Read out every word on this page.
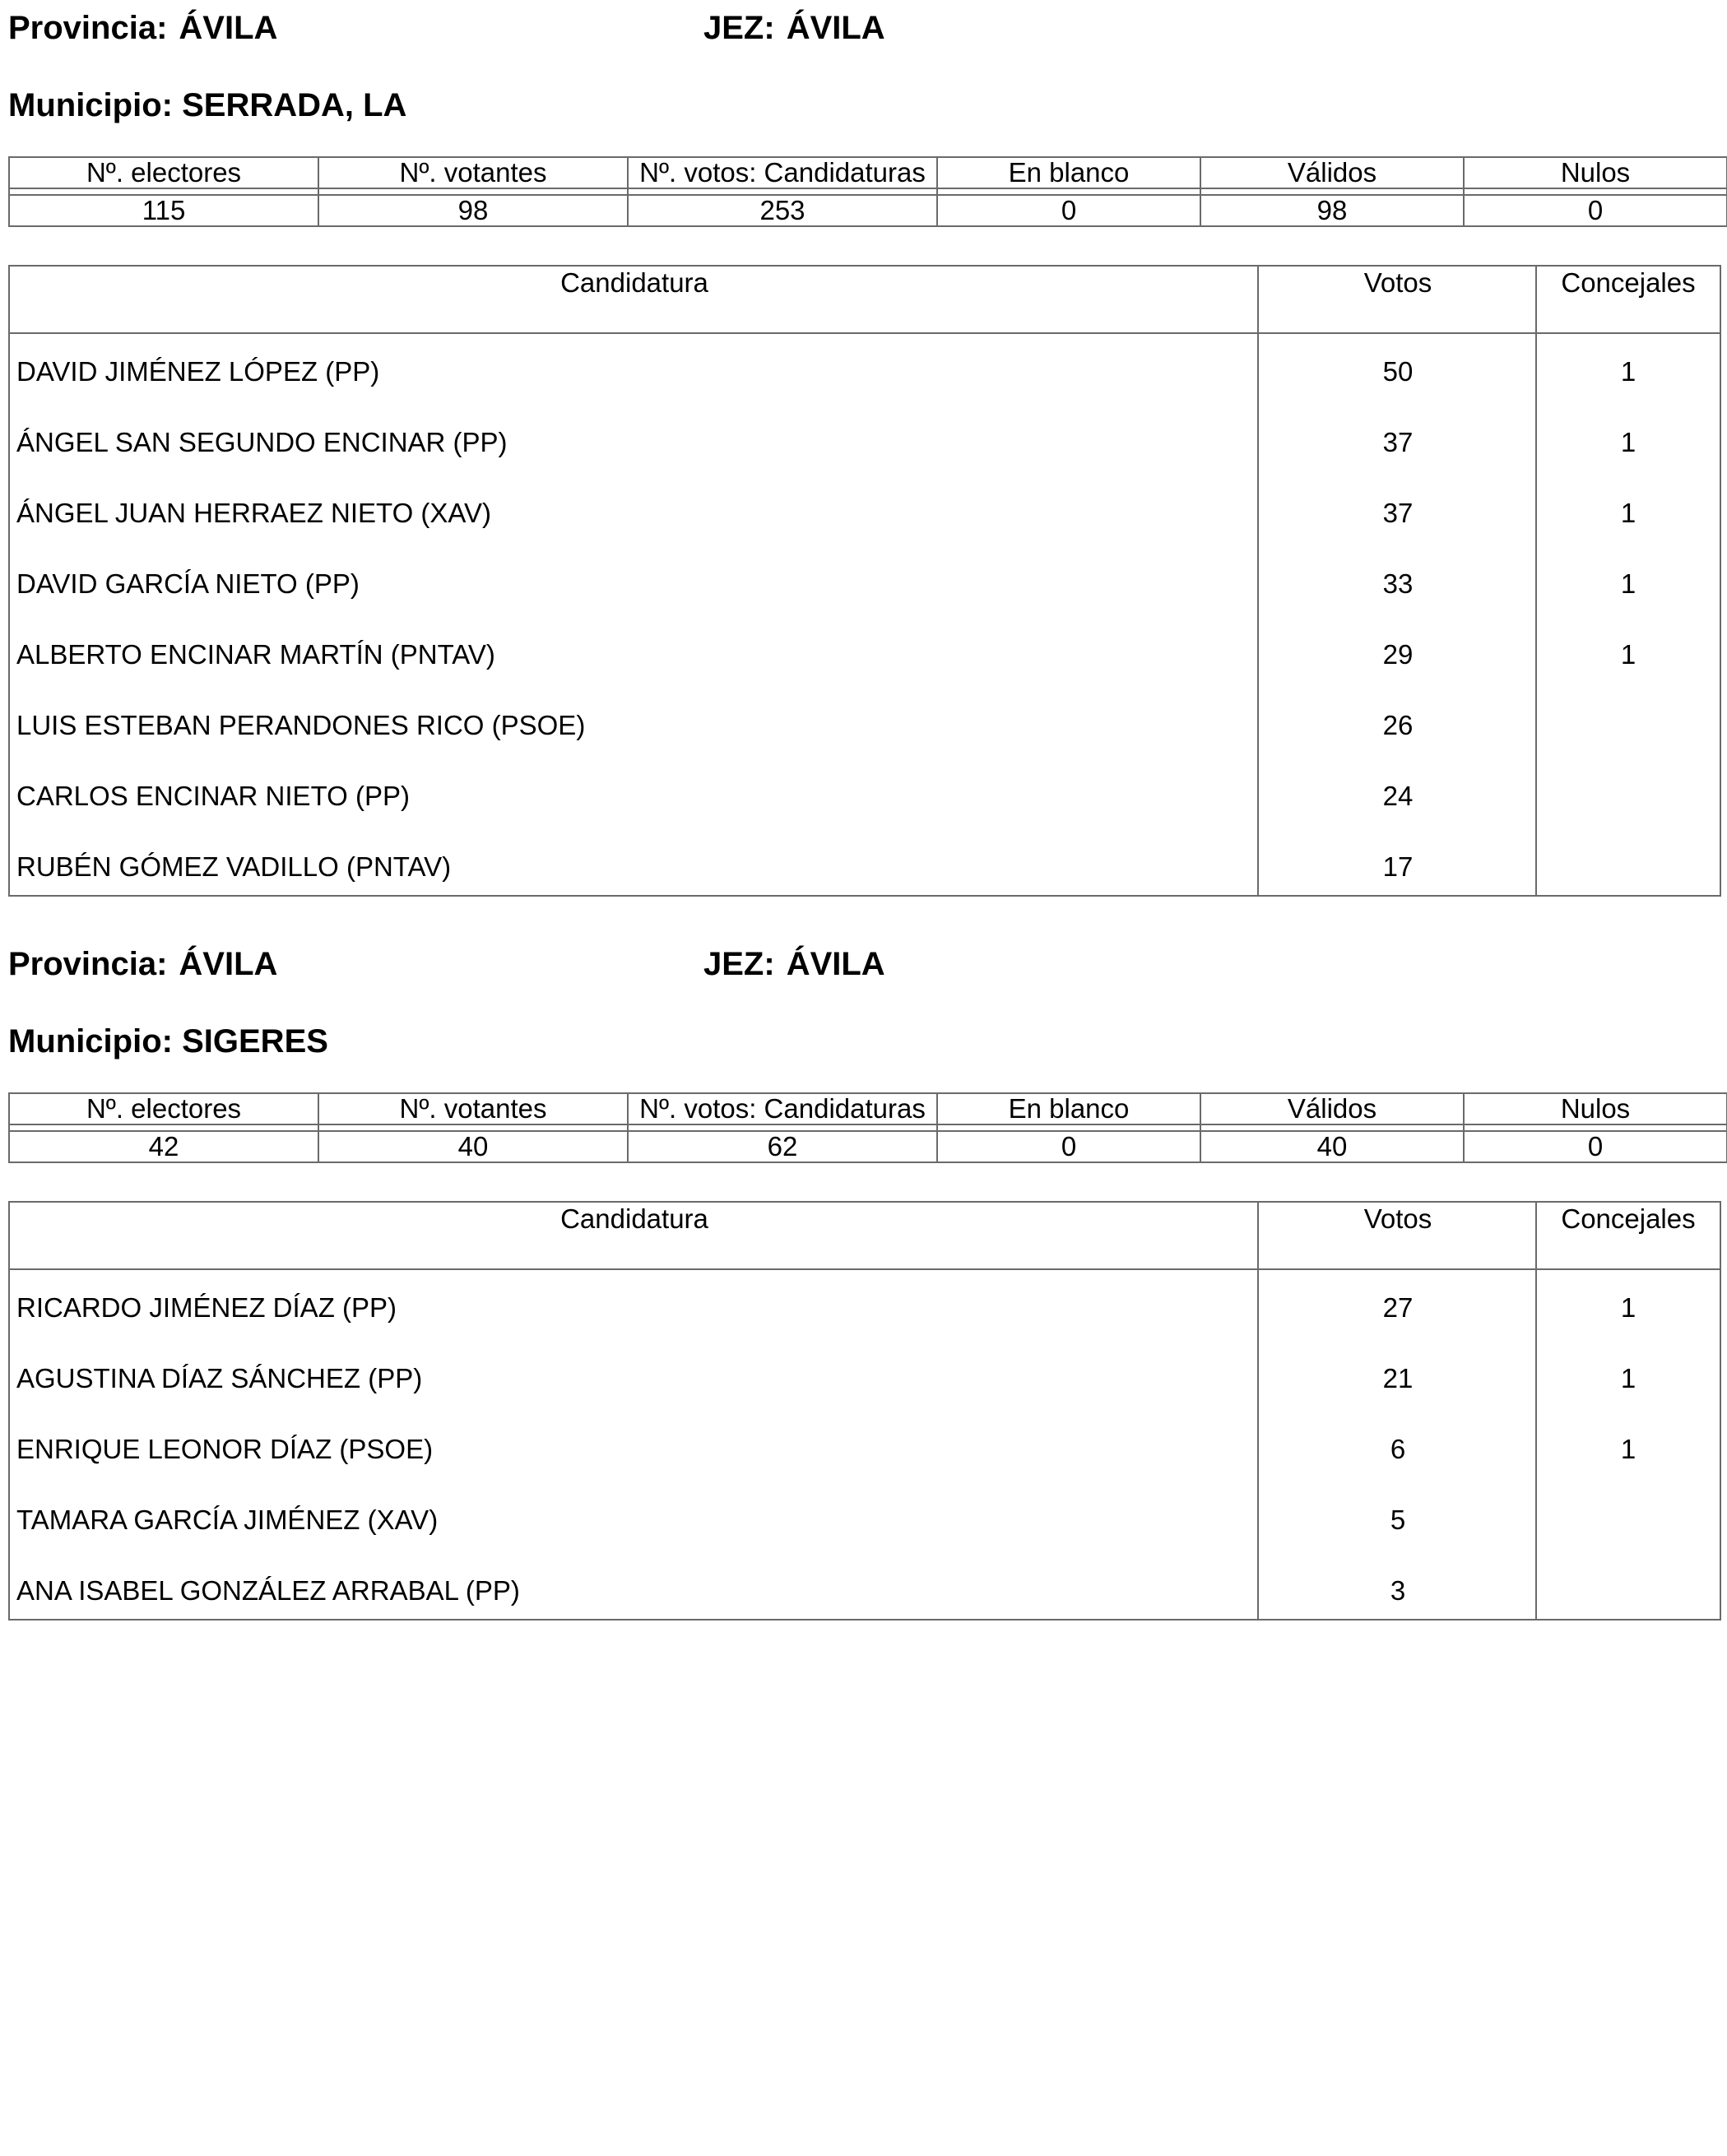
Provincia: ÁVILA	JEZ: ÁVILA
Municipio: SERRADA, LA
Nº. electores	Nº. votantes	Nº. votos: Candidaturas	En blanco	Válidos	Nulos

115	98	253	0	98	0
Candidatura	Votos	Concejales
DAVID JIMÉNEZ LÓPEZ (PP)	50	1
ÁNGEL SAN SEGUNDO ENCINAR (PP)	37	1
ÁNGEL JUAN HERRAEZ NIETO (XAV)	37	1
DAVID GARCÍA NIETO (PP)	33	1
ALBERTO ENCINAR MARTÍN (PNTAV)	29	1
LUIS ESTEBAN PERANDONES RICO (PSOE)	26
CARLOS ENCINAR NIETO (PP)	24
RUBÉN GÓMEZ VADILLO (PNTAV)	17
Provincia: ÁVILA	JEZ: ÁVILA
Municipio: SIGERES
Nº. electores	Nº. votantes	Nº. votos: Candidaturas	En blanco	Válidos	Nulos

42	40	62	0	40	0
Candidatura	Votos	Concejales
RICARDO JIMÉNEZ DÍAZ (PP)	27	1
AGUSTINA DÍAZ SÁNCHEZ (PP)	21	1
ENRIQUE LEONOR DÍAZ (PSOE)	6	1
TAMARA GARCÍA JIMÉNEZ (XAV)	5
ANA ISABEL GONZÁLEZ ARRABAL (PP)	3
